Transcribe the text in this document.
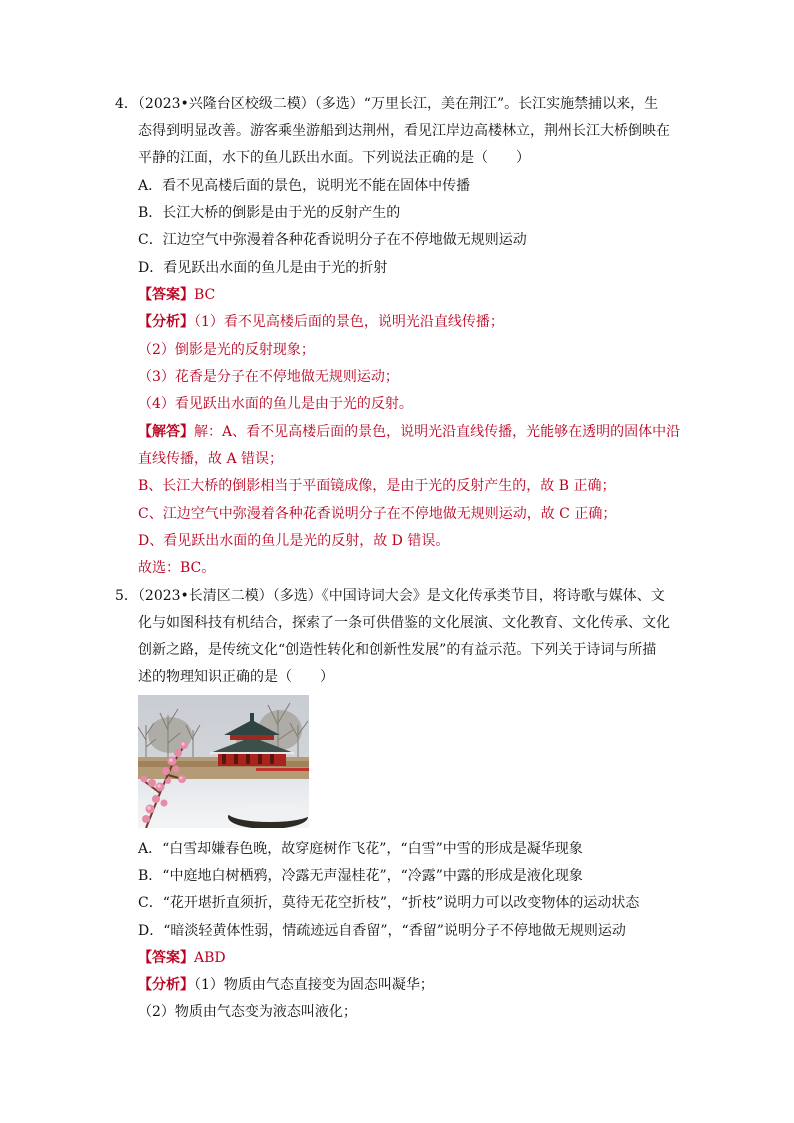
4．（2023•兴隆台区校级二模）（多选）“万里长江，美在荆江”。长江实施禁捕以来，生
态得到明显改善。游客乘坐游船到达荆州，看见江岸边高楼林立，荆州长江大桥倒映在
平静的江面，水下的鱼儿跃出水面。下列说法正确的是（　　）
A．看不见高楼后面的景色，说明光不能在固体中传播
B．长江大桥的倒影是由于光的反射产生的
C．江边空气中弥漫着各种花香说明分子在不停地做无规则运动
D．看见跃出水面的鱼儿是由于光的折射
【答案】BC
【分析】（1）看不见高楼后面的景色，说明光沿直线传播；
（2）倒影是光的反射现象；
（3）花香是分子在不停地做无规则运动；
（4）看见跃出水面的鱼儿是由于光的反射。
【解答】解：A、看不见高楼后面的景色，说明光沿直线传播，光能够在透明的固体中沿
直线传播，故 A 错误；
B、长江大桥的倒影相当于平面镜成像，是由于光的反射产生的，故 B 正确；
C、江边空气中弥漫着各种花香说明分子在不停地做无规则运动，故 C 正确；
D、看见跃出水面的鱼儿是光的反射，故 D 错误。
故选：BC。
5．（2023•长清区二模）（多选）《中国诗词大会》是文化传承类节目，将诗歌与媒体、文
化与如图科技有机结合，探索了一条可供借鉴的文化展演、文化教育、文化传承、文化
创新之路，是传统文化“创造性转化和创新性发展”的有益示范。下列关于诗词与所描
述的物理知识正确的是（　　）
A．“白雪却嫌春色晚，故穿庭树作飞花”，“白雪”中雪的形成是凝华现象
B．“中庭地白树栖鸦，冷露无声湿桂花”，“冷露”中露的形成是液化现象
C．“花开堪折直须折，莫待无花空折枝”，“折枝”说明力可以改变物体的运动状态
D．“暗淡轻黄体性弱，情疏迹远自香留”，“香留”说明分子不停地做无规则运动
【答案】ABD
【分析】（1）物质由气态直接变为固态叫凝华；
（2）物质由气态变为液态叫液化；
